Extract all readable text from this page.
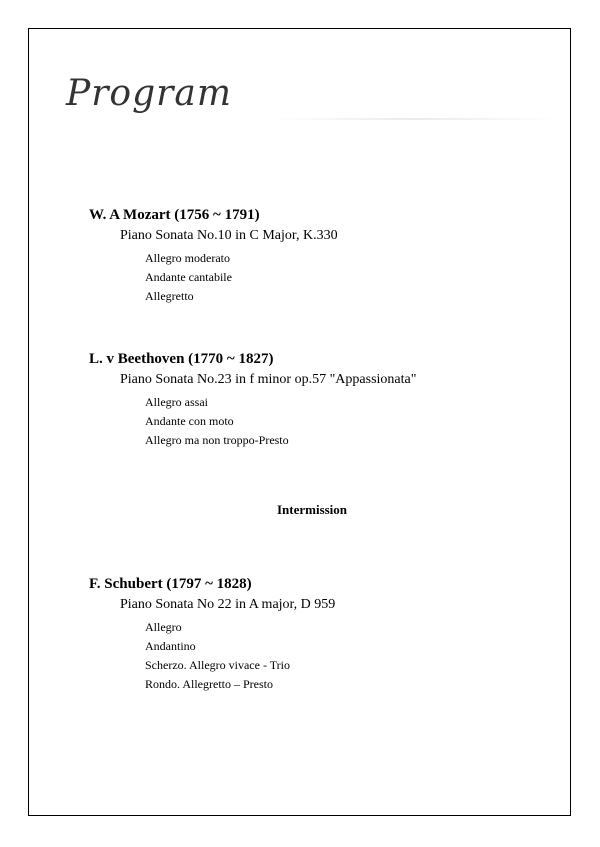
Program

W. A Mozart (1756 ~ 1791)

Piano Sonata No.10 in C Major, K.330

Allegro moderato
Andante cantabile
Allegretto

L. v Beethoven (1770 ~ 1827)

Piano Sonata No.23 in f minor op.57 "Appassionata"

Allegro assai
Andante con moto
Allegro ma non troppo-Presto
Intermission

F. Schubert (1797 ~ 1828)

Piano Sonata No 22 in A major, D 959

Allegro
Andantino
Scherzo. Allegro vivace - Trio
Rondo. Allegretto – Presto
